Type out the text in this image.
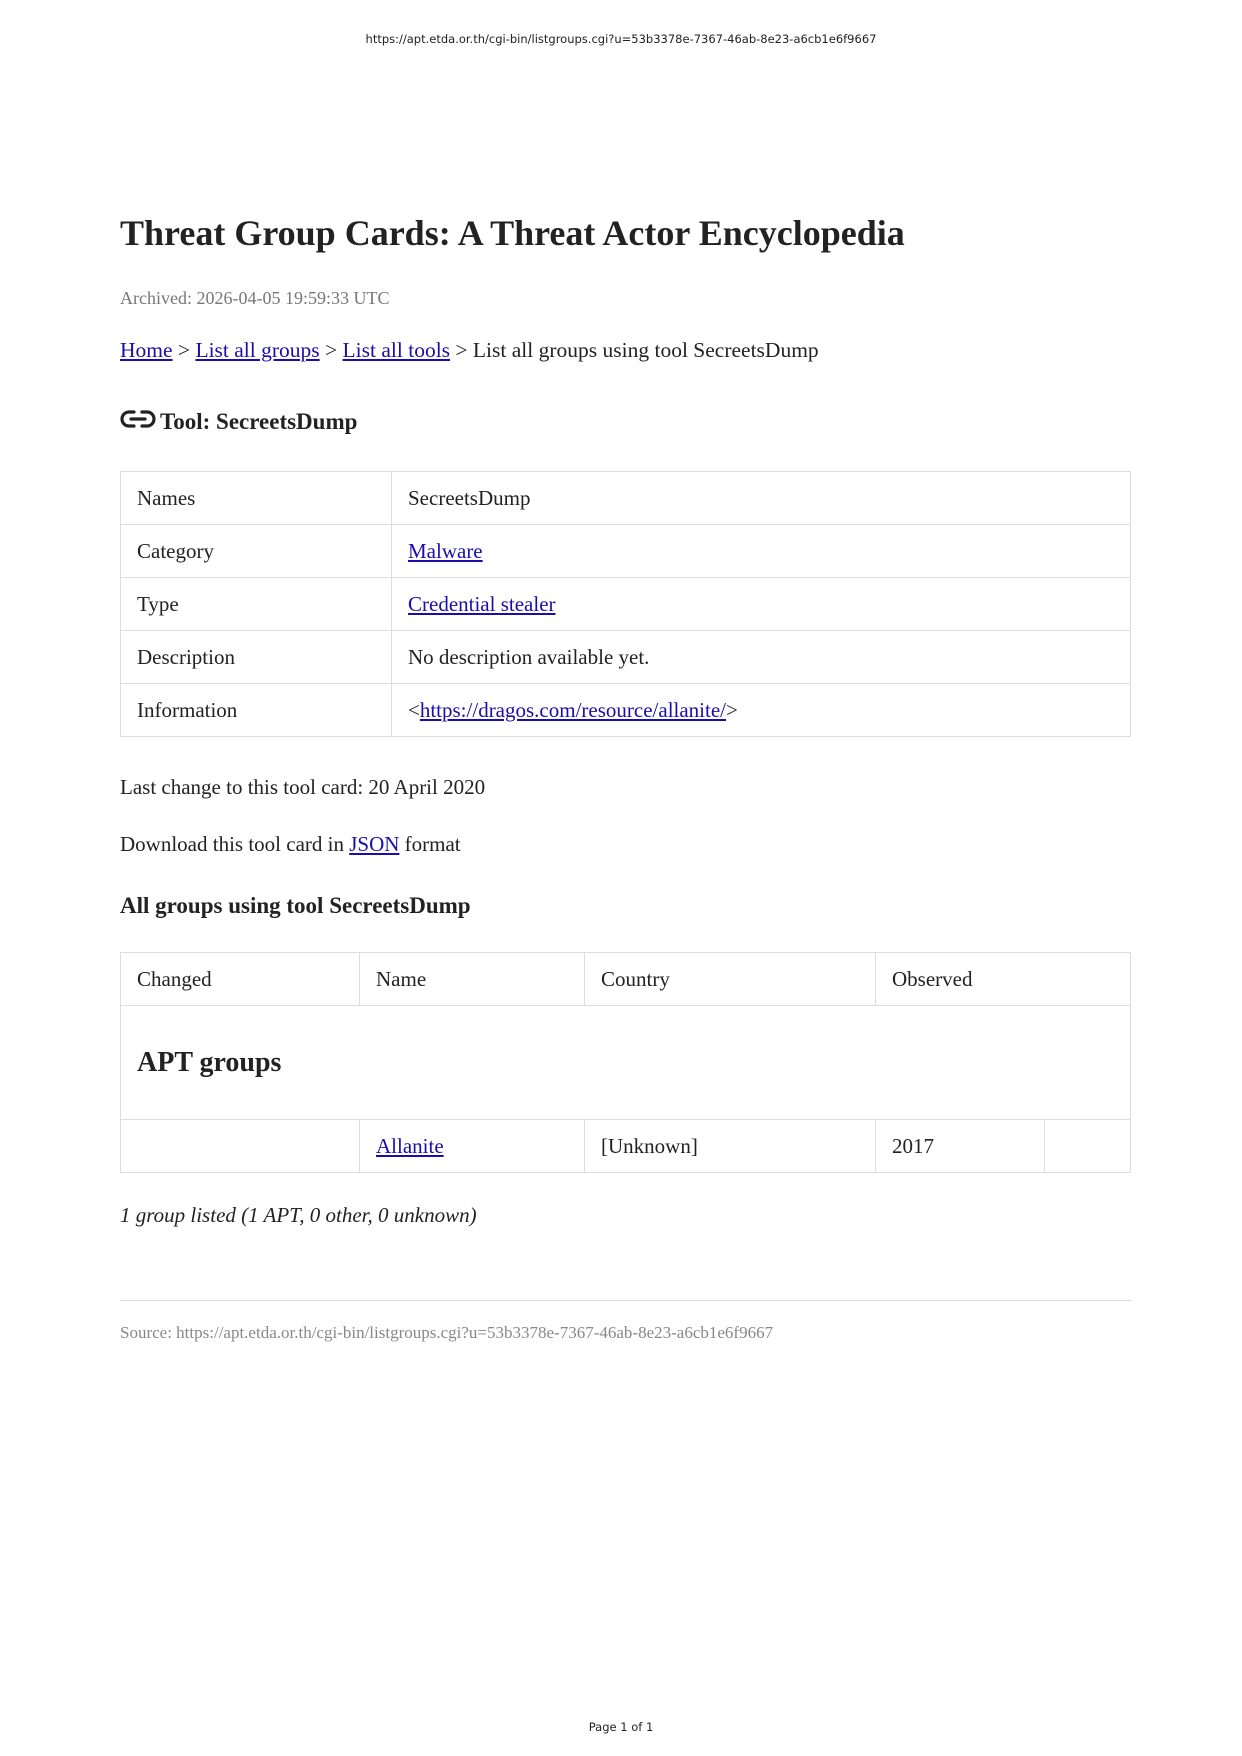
https://apt.etda.or.th/cgi-bin/listgroups.cgi?u=53b3378e-7367-46ab-8e23-a6cb1e6f9667
Threat Group Cards: A Threat Actor Encyclopedia
Archived: 2026-04-05 19:59:33 UTC
Home > List all groups > List all tools > List all groups using tool SecreetsDump
Tool: SecreetsDump
Names	SecreetsDump
Category	Malware
Type	Credential stealer
Description	No description available yet.
Information	<https://dragos.com/resource/allanite/>
Last change to this tool card: 20 April 2020
Download this tool card in JSON format
All groups using tool SecreetsDump
Changed	Name	Country	Observed	
APT groups				
	Allanite	[Unknown]	2017	
1 group listed (1 APT, 0 other, 0 unknown)
Source: https://apt.etda.or.th/cgi-bin/listgroups.cgi?u=53b3378e-7367-46ab-8e23-a6cb1e6f9667
Page 1 of 1
